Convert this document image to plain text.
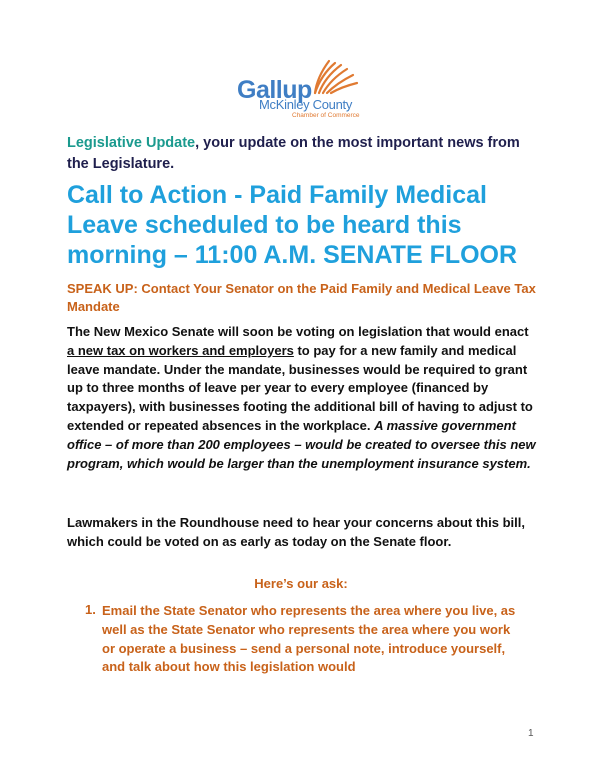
Gallup
McKinley County
Chamber of Commerce
Legislative Update, your update on the most important news from the Legislature.
Call to Action - Paid Family Medical Leave scheduled to be heard this morning – 11:00 A.M. SENATE FLOOR
SPEAK UP: Contact Your Senator on the Paid Family and Medical Leave Tax Mandate
The New Mexico Senate will soon be voting on legislation that would enact a new tax on workers and employers to pay for a new family and medical leave mandate. Under the mandate, businesses would be required to grant up to three months of leave per year to every employee (financed by taxpayers), with businesses footing the additional bill of having to adjust to extended or repeated absences in the workplace. A massive government office – of more than 200 employees – would be created to oversee this new program, which would be larger than the unemployment insurance system.
Lawmakers in the Roundhouse need to hear your concerns about this bill, which could be voted on as early as today on the Senate floor.
Here’s our ask:
1. Email the State Senator who represents the area where you live, as well as the State Senator who represents the area where you work or operate a business – send a personal note, introduce yourself, and talk about how this legislation would
1
